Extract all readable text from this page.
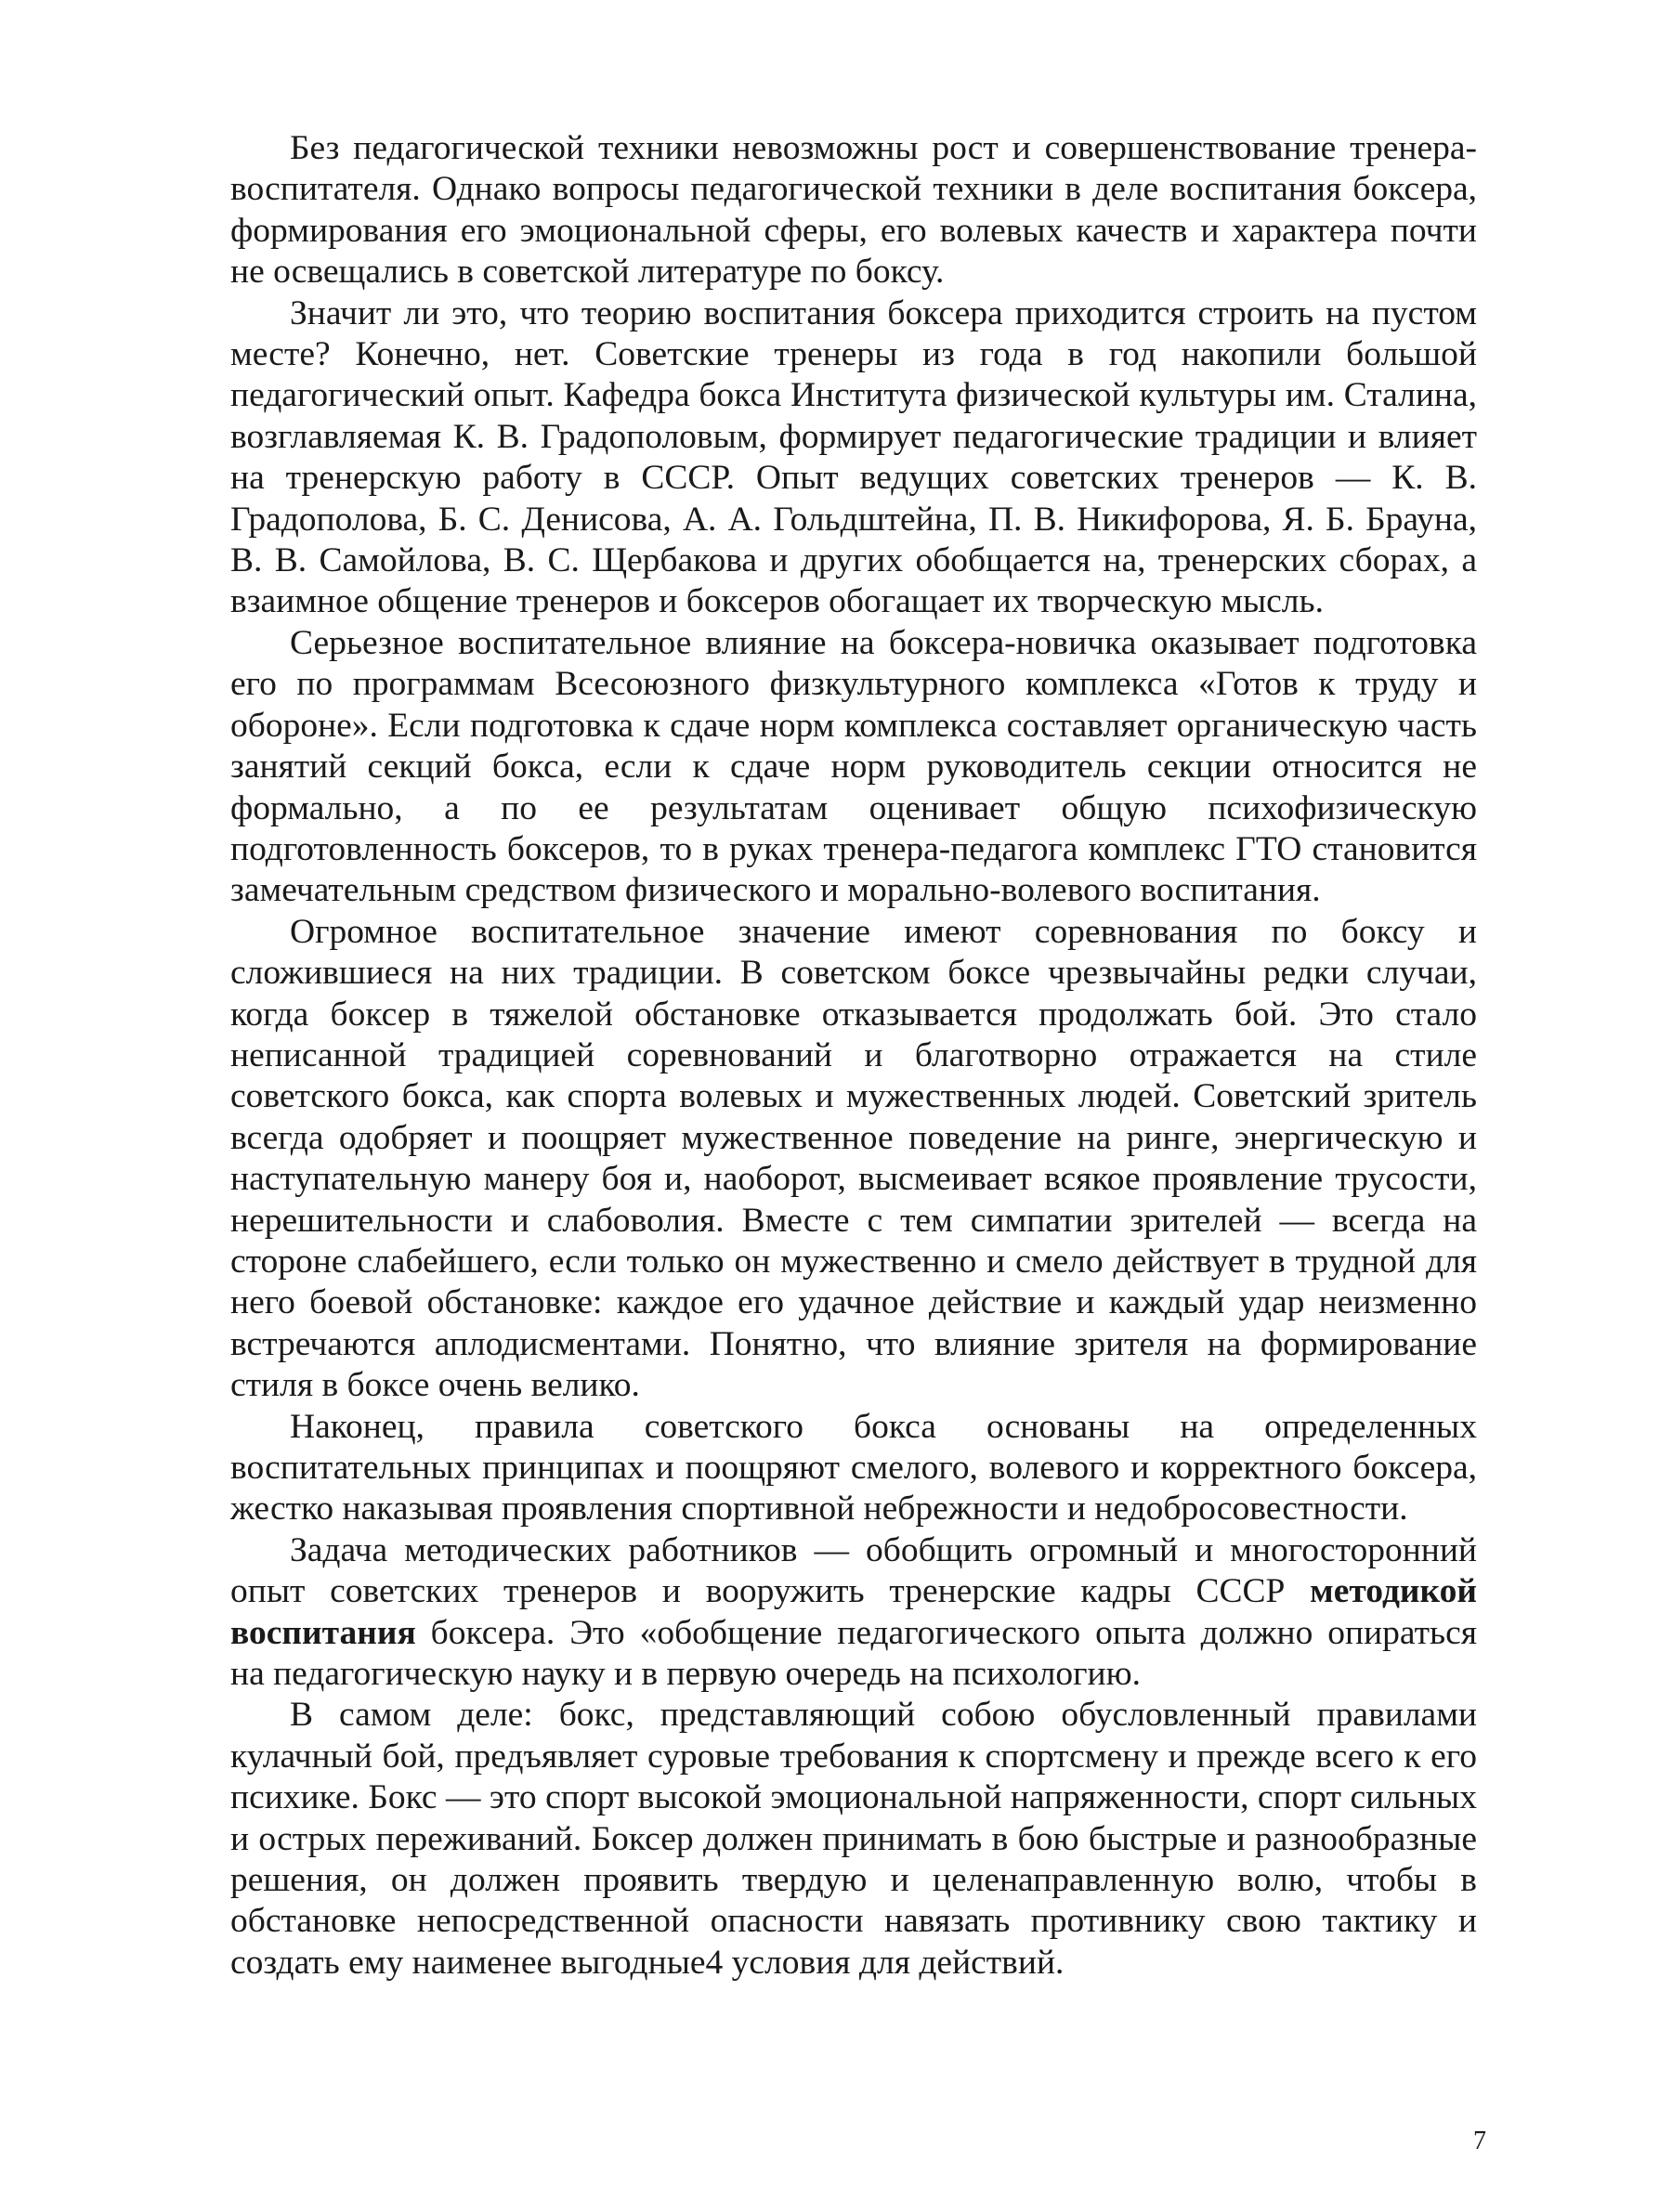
Без педагогической техники невозможны рост и совершенствование тренера-воспитателя. Однако вопросы педагогической техники в деле воспитания боксера, формирования его эмоциональной сферы, его волевых качеств и характера почти не освещались в советской литературе по боксу.

Значит ли это, что теорию воспитания боксера приходится строить на пустом месте? Конечно, нет. Советские тренеры из года в год накопили большой педагогический опыт. Кафедра бокса Института физической культуры им. Сталина, возглавляемая К. В. Градополовым, формирует педагогические традиции и влияет на тренерскую работу в СССР. Опыт ведущих советских тренеров — К. В. Градополова, Б. С. Денисова, А. А. Гольдштейна, П. В. Никифорова, Я. Б. Брауна, В. В. Самойлова, В. С. Щербакова и других обобщается на, тренерских сборах, а взаимное общение тренеров и боксеров обогащает их творческую мысль.

Серьезное воспитательное влияние на боксера-новичка оказывает подготовка его по программам Всесоюзного физкультурного комплекса «Готов к труду и обороне». Если подготовка к сдаче норм комплекса составляет органическую часть занятий секций бокса, если к сдаче норм руководитель секции относится не формально, а по ее результатам оценивает общую психофизическую подготовленность боксеров, то в руках тренера-педагога комплекс ГТО становится замечательным средством физического и морально-волевого воспитания.

Огромное воспитательное значение имеют соревнования по боксу и сложившиеся на них традиции. В советском боксе чрезвычайны редки случаи, когда боксер в тяжелой обстановке отказывается продолжать бой. Это стало неписанной традицией соревнований и благотворно отражается на стиле советского бокса, как спорта волевых и мужественных людей. Советский зритель всегда одобряет и поощряет мужественное поведение на ринге, энергическую и наступательную манеру боя и, наоборот, высмеивает всякое проявление трусости, нерешительности и слабоволия. Вместе с тем симпатии зрителей — всегда на стороне слабейшего, если только он мужественно и смело действует в трудной для него боевой обстановке: каждое его удачное действие и каждый удар неизменно встречаются аплодисментами. Понятно, что влияние зрителя на формирование стиля в боксе очень велико.

Наконец, правила советского бокса основаны на определенных воспитательных принципах и поощряют смелого, волевого и корректного боксера, жестко наказывая проявления спортивной небрежности и недобросовестности.

Задача методических работников — обобщить огромный и многосторонний опыт советских тренеров и вооружить тренерские кадры СССР методикой воспитания боксера. Это «обобщение педагогического опыта должно опираться на педагогическую науку и в первую очередь на психологию.

В самом деле: бокс, представляющий собою обусловленный правилами кулачный бой, предъявляет суровые требования к спортсмену и прежде всего к его психике. Бокс — это спорт высокой эмоциональной напряженности, спорт сильных и острых переживаний. Боксер должен принимать в бою быстрые и разнообразные решения, он должен проявить твердую и целенаправленную волю, чтобы в обстановке непосредственной опасности навязать противнику свою тактику и создать ему наименее выгодные4 условия для действий.

7
